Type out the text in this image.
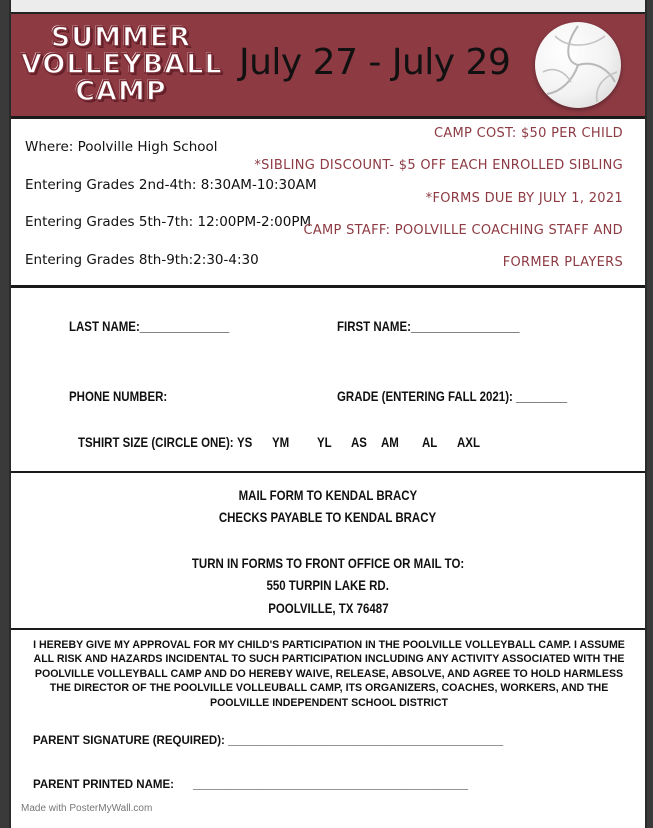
SUMMER
VOLLEYBALL
CAMP
July 27 - July 29
Where: Poolville High School
Entering Grades 2nd-4th: 8:30AM-10:30AM
Entering Grades 5th-7th: 12:00PM-2:00PM
Entering Grades 8th-9th:2:30-4:30
CAMP COST: $50 PER CHILD
*SIBLING DISCOUNT- $5 OFF EACH ENROLLED SIBLING
*FORMS DUE BY JULY 1, 2021
CAMP STAFF: POOLVILLE COACHING STAFF AND
FORMER PLAYERS
LAST NAME:______________	FIRST NAME:_________________
PHONE NUMBER:	GRADE (ENTERING FALL 2021): ________
TSHIRT SIZE (CIRCLE ONE): YS YM YL AS AM AL AXL
MAIL FORM TO KENDAL BRACY
CHECKS PAYABLE TO KENDAL BRACY
TURN IN FORMS TO FRONT OFFICE OR MAIL TO:
550 TURPIN LAKE RD.
POOLVILLE, TX 76487
I HEREBY GIVE MY APPROVAL FOR MY CHILD'S PARTICIPATION IN THE POOLVILLE VOLLEYBALL CAMP. I ASSUME ALL RISK AND HAZARDS INCIDENTAL TO SUCH PARTICIPATION INCLUDING ANY ACTIVITY ASSOCIATED WITH THE POOLVILLE VOLLEYBALL CAMP AND DO HEREBY WAIVE, RELEASE, ABSOLVE, AND AGREE TO HOLD HARMLESS THE DIRECTOR OF THE POOLVILLE VOLLEUBALL CAMP, ITS ORGANIZERS, COACHES, WORKERS, AND THE POOLVILLE INDEPENDENT SCHOOL DISTRICT
PARENT SIGNATURE (REQUIRED): ___________________________________________
PARENT PRINTED NAME: ___________________________________________
Made with PosterMyWall.com
